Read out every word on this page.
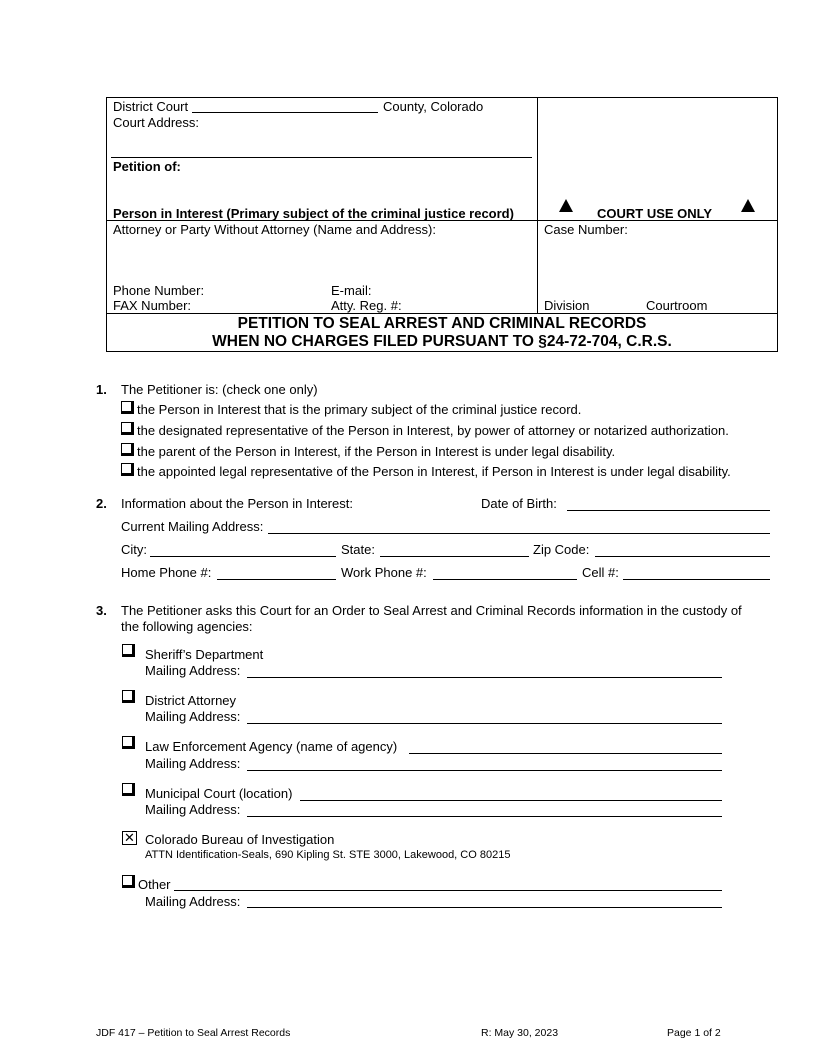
District Court	County, Colorado
Court Address:
Petition of:
Person in Interest (Primary subject of the criminal justice record)	COURT USE ONLY
Attorney or Party Without Attorney (Name and Address):	Case Number:
Phone Number:	E-mail:
FAX Number:	Atty. Reg. #:	Division	Courtroom
PETITION TO SEAL ARREST AND CRIMINAL RECORDS
WHEN NO CHARGES FILED PURSUANT TO §24-72-704, C.R.S.
1. The Petitioner is: (check one only)
the Person in Interest that is the primary subject of the criminal justice record.
the designated representative of the Person in Interest, by power of attorney or notarized authorization.
the parent of the Person in Interest, if the Person in Interest is under legal disability.
the appointed legal representative of the Person in Interest, if Person in Interest is under legal disability.
2. Information about the Person in Interest:	Date of Birth:
Current Mailing Address:
City:	State:	Zip Code:
Home Phone #:	Work Phone #:	Cell #:
3. The Petitioner asks this Court for an Order to Seal Arrest and Criminal Records information in the custody of
the following agencies:
Sheriff’s Department
Mailing Address:
District Attorney
Mailing Address:
Law Enforcement Agency (name of agency)
Mailing Address:
Municipal Court (location)
Mailing Address:
✕ Colorado Bureau of Investigation
ATTN Identification-Seals, 690 Kipling St. STE 3000, Lakewood, CO 80215
Other
Mailing Address:
JDF 417 – Petition to Seal Arrest Records	R: May 30, 2023	Page 1 of 2
